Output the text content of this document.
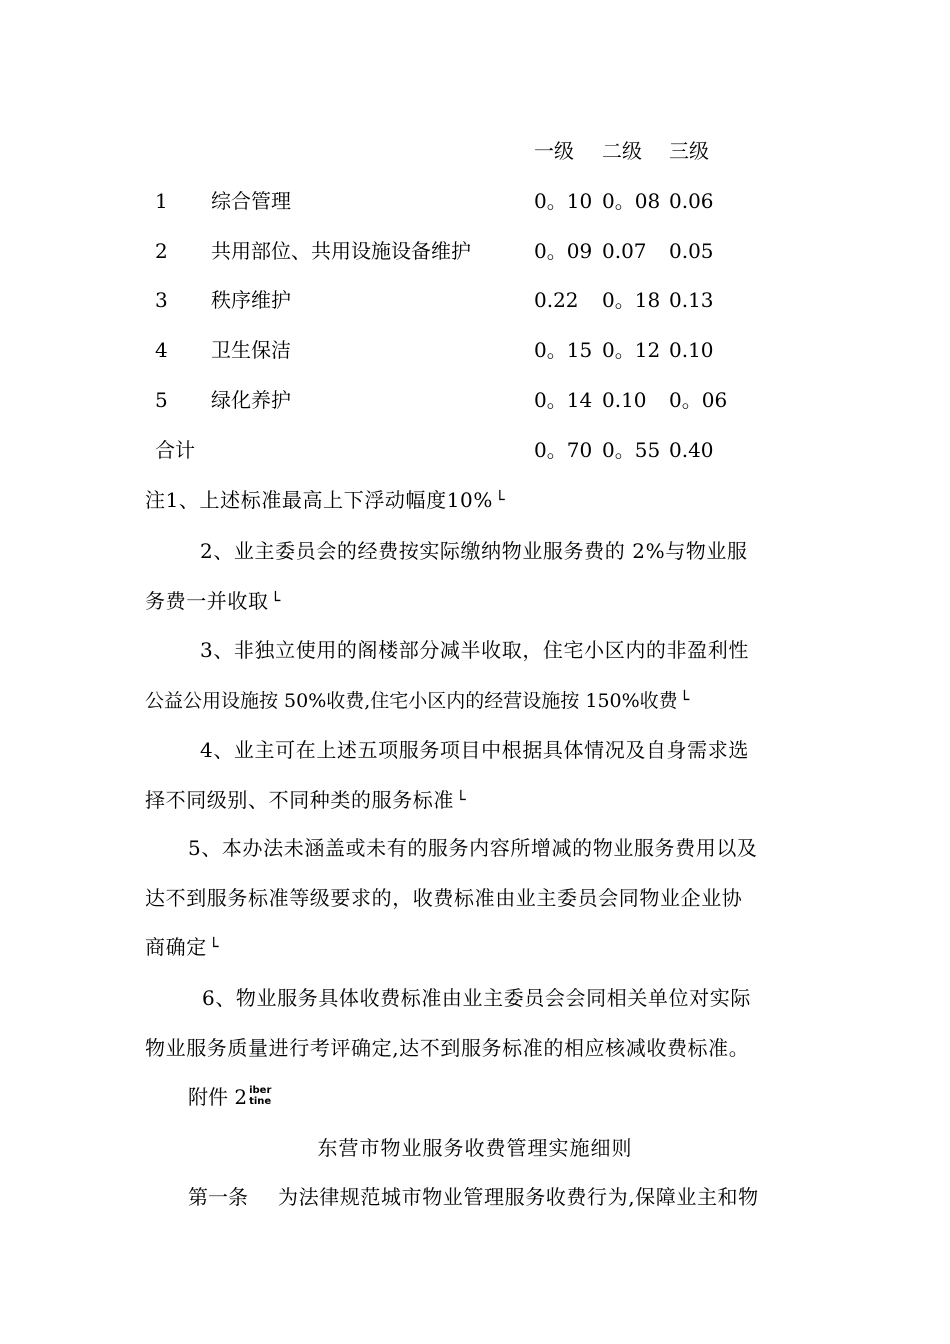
一级 二级 三级
1 综合管理	0。10 0。08 0.06
2 共用部位、共用设施设备维护	0。09 0.07 0.05
3 秩序维护	0.22 0。18 0.13
4 卫生保洁	0。15 0。12 0.10
5 绿化养护	0。14 0.10 0。06
合计	0。70 0。55 0.40
注1、上述标准最高上下浮动幅度10% └
2、业主委员会的经费按实际缴纳物业服务费的 2%与物业服
务费一并收取 └
3、非独立使用的阁楼部分减半收取，住宅小区内的非盈利性
公益公用设施按 50%收费,住宅小区内的经营设施按 150%收费 └
4、业主可在上述五项服务项目中根据具体情况及自身需求选
择不同级别、不同种类的服务标准 └
5、本办法未涵盖或未有的服务内容所增减的物业服务费用以及
达不到服务标准等级要求的，收费标准由业主委员会同物业企业协
商确定 └
6、物业服务具体收费标准由业主委员会会同相关单位对实际
物业服务质量进行考评确定,达不到服务标准的相应核减收费标准。
附件 2 iber
tine
东营市物业服务收费管理实施细则
第一条 为法律规范城市物业管理服务收费行为,保障业主和物
